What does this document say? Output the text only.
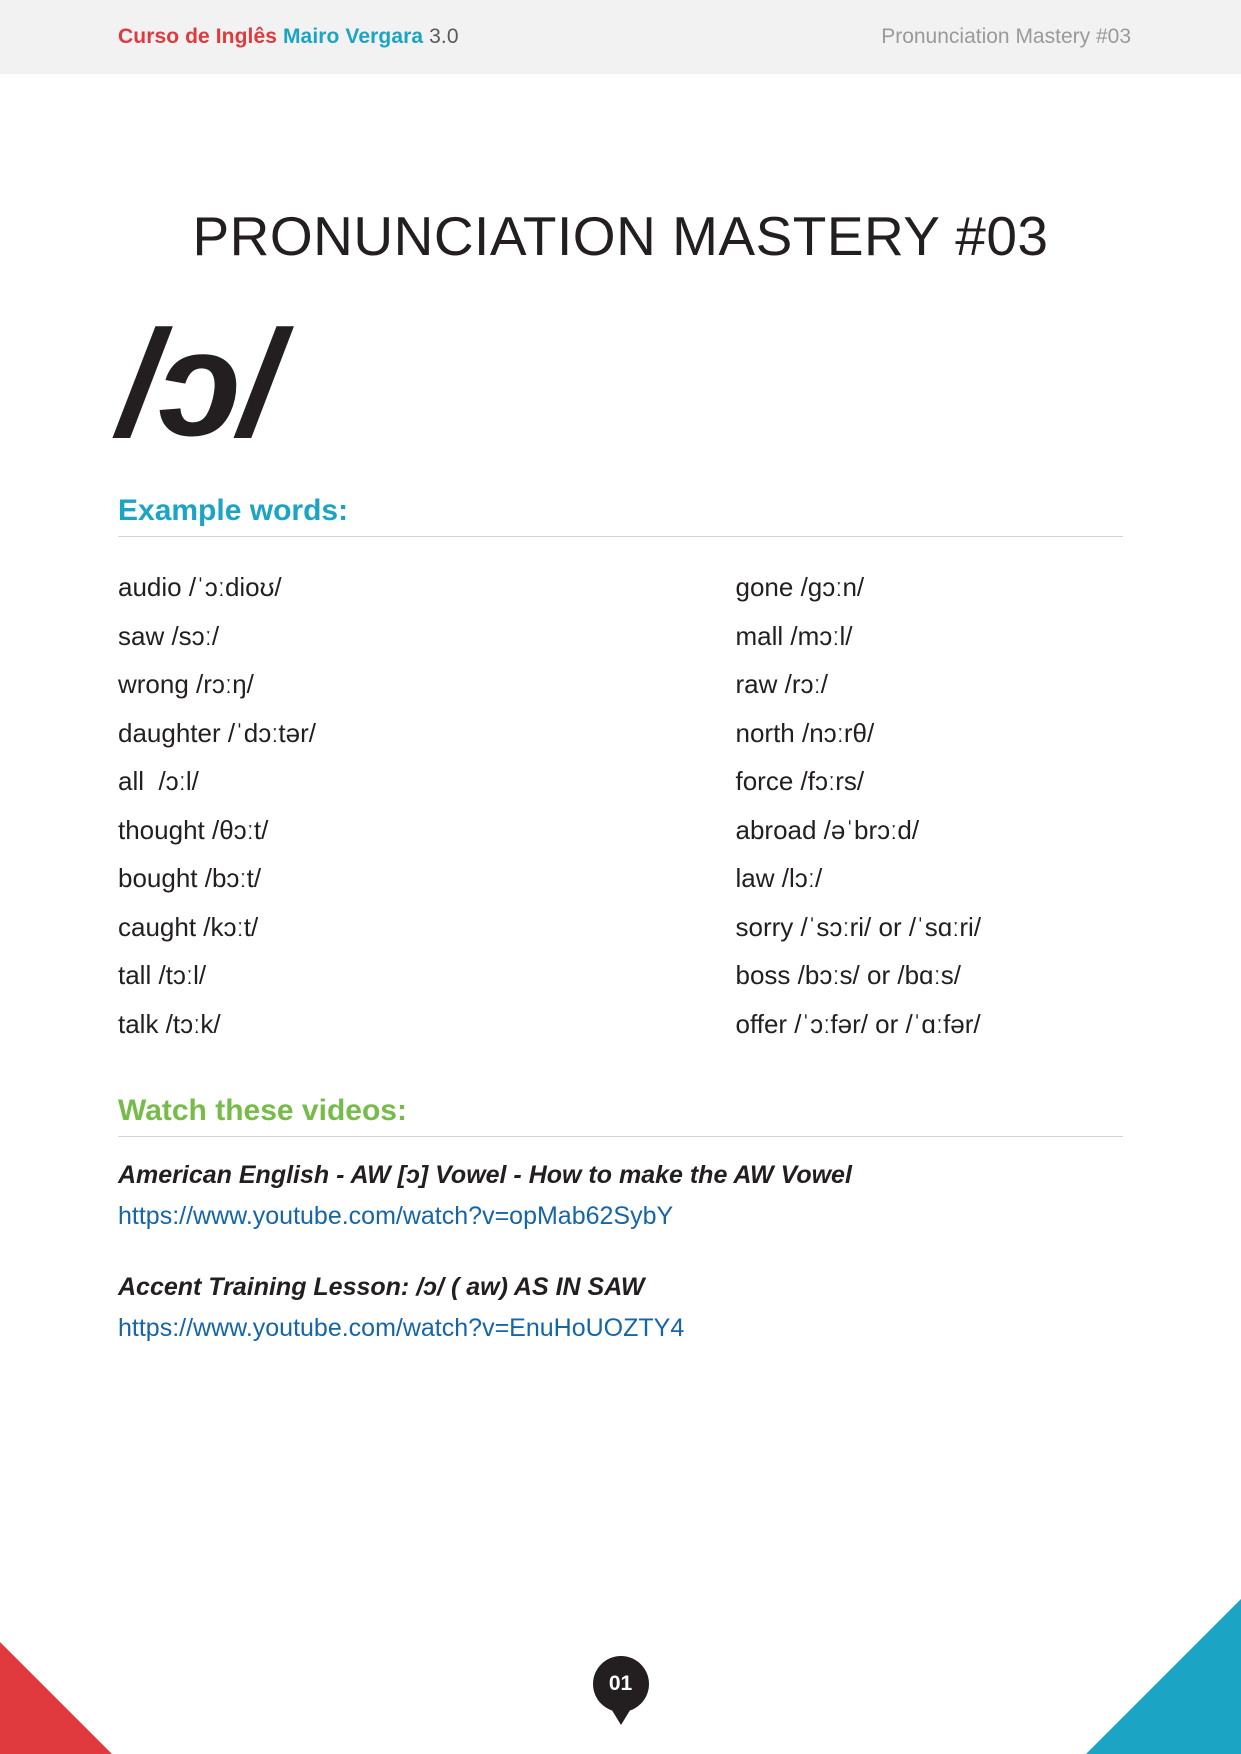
Curso de Inglês Mairo Vergara 3.0	Pronunciation Mastery #03
PRONUNCIATION MASTERY #03
/ɔ/
Example words:
audio /ˈɔːdioʊ/
saw /sɔː/
wrong /rɔːŋ/
daughter /ˈdɔːtər/
all  /ɔːl/
thought /θɔːt/
bought /bɔːt/
caught /kɔːt/
tall /tɔːl/
talk /tɔːk/
gone /gɔːn/
mall /mɔːl/
raw /rɔː/
north /nɔːrθ/
force /fɔːrs/
abroad /əˈbrɔːd/
law /lɔː/
sorry /ˈsɔːri/ or /ˈsɑːri/
boss /bɔːs/ or /bɑːs/
offer /ˈɔːfər/ or /ˈɑːfər/
Watch these videos:
American English - AW [ɔ] Vowel - How to make the AW Vowel
https://www.youtube.com/watch?v=opMab62SybY
Accent Training Lesson: /ɔ/ ( aw) AS IN SAW
https://www.youtube.com/watch?v=EnuHoUOZTY4
01
